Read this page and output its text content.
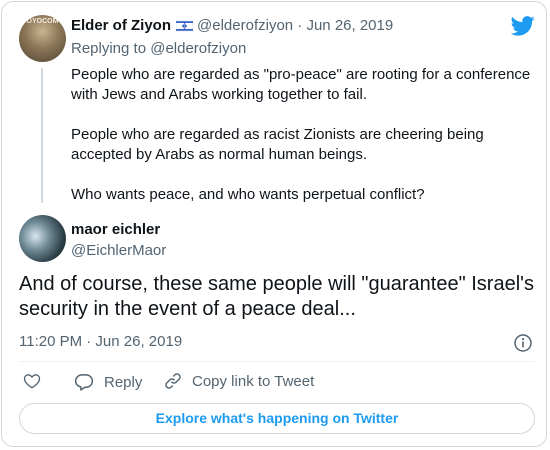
OYOCOM Elder of Ziyon @elderofziyon · Jun 26, 2019
Replying to @elderofziyon

People who are regarded as "pro-peace" are rooting for a conference with Jews and Arabs working together to fail.

People who are regarded as racist Zionists are cheering being accepted by Arabs as normal human beings.

Who wants peace, and who wants perpetual conflict?

maor eichler
@EichlerMaor
And of course, these same people will "guarantee" Israel's security in the event of a peace deal...
11:20 PM · Jun 26, 2019
Reply	Copy link to Tweet
Explore what's happening on Twitter
